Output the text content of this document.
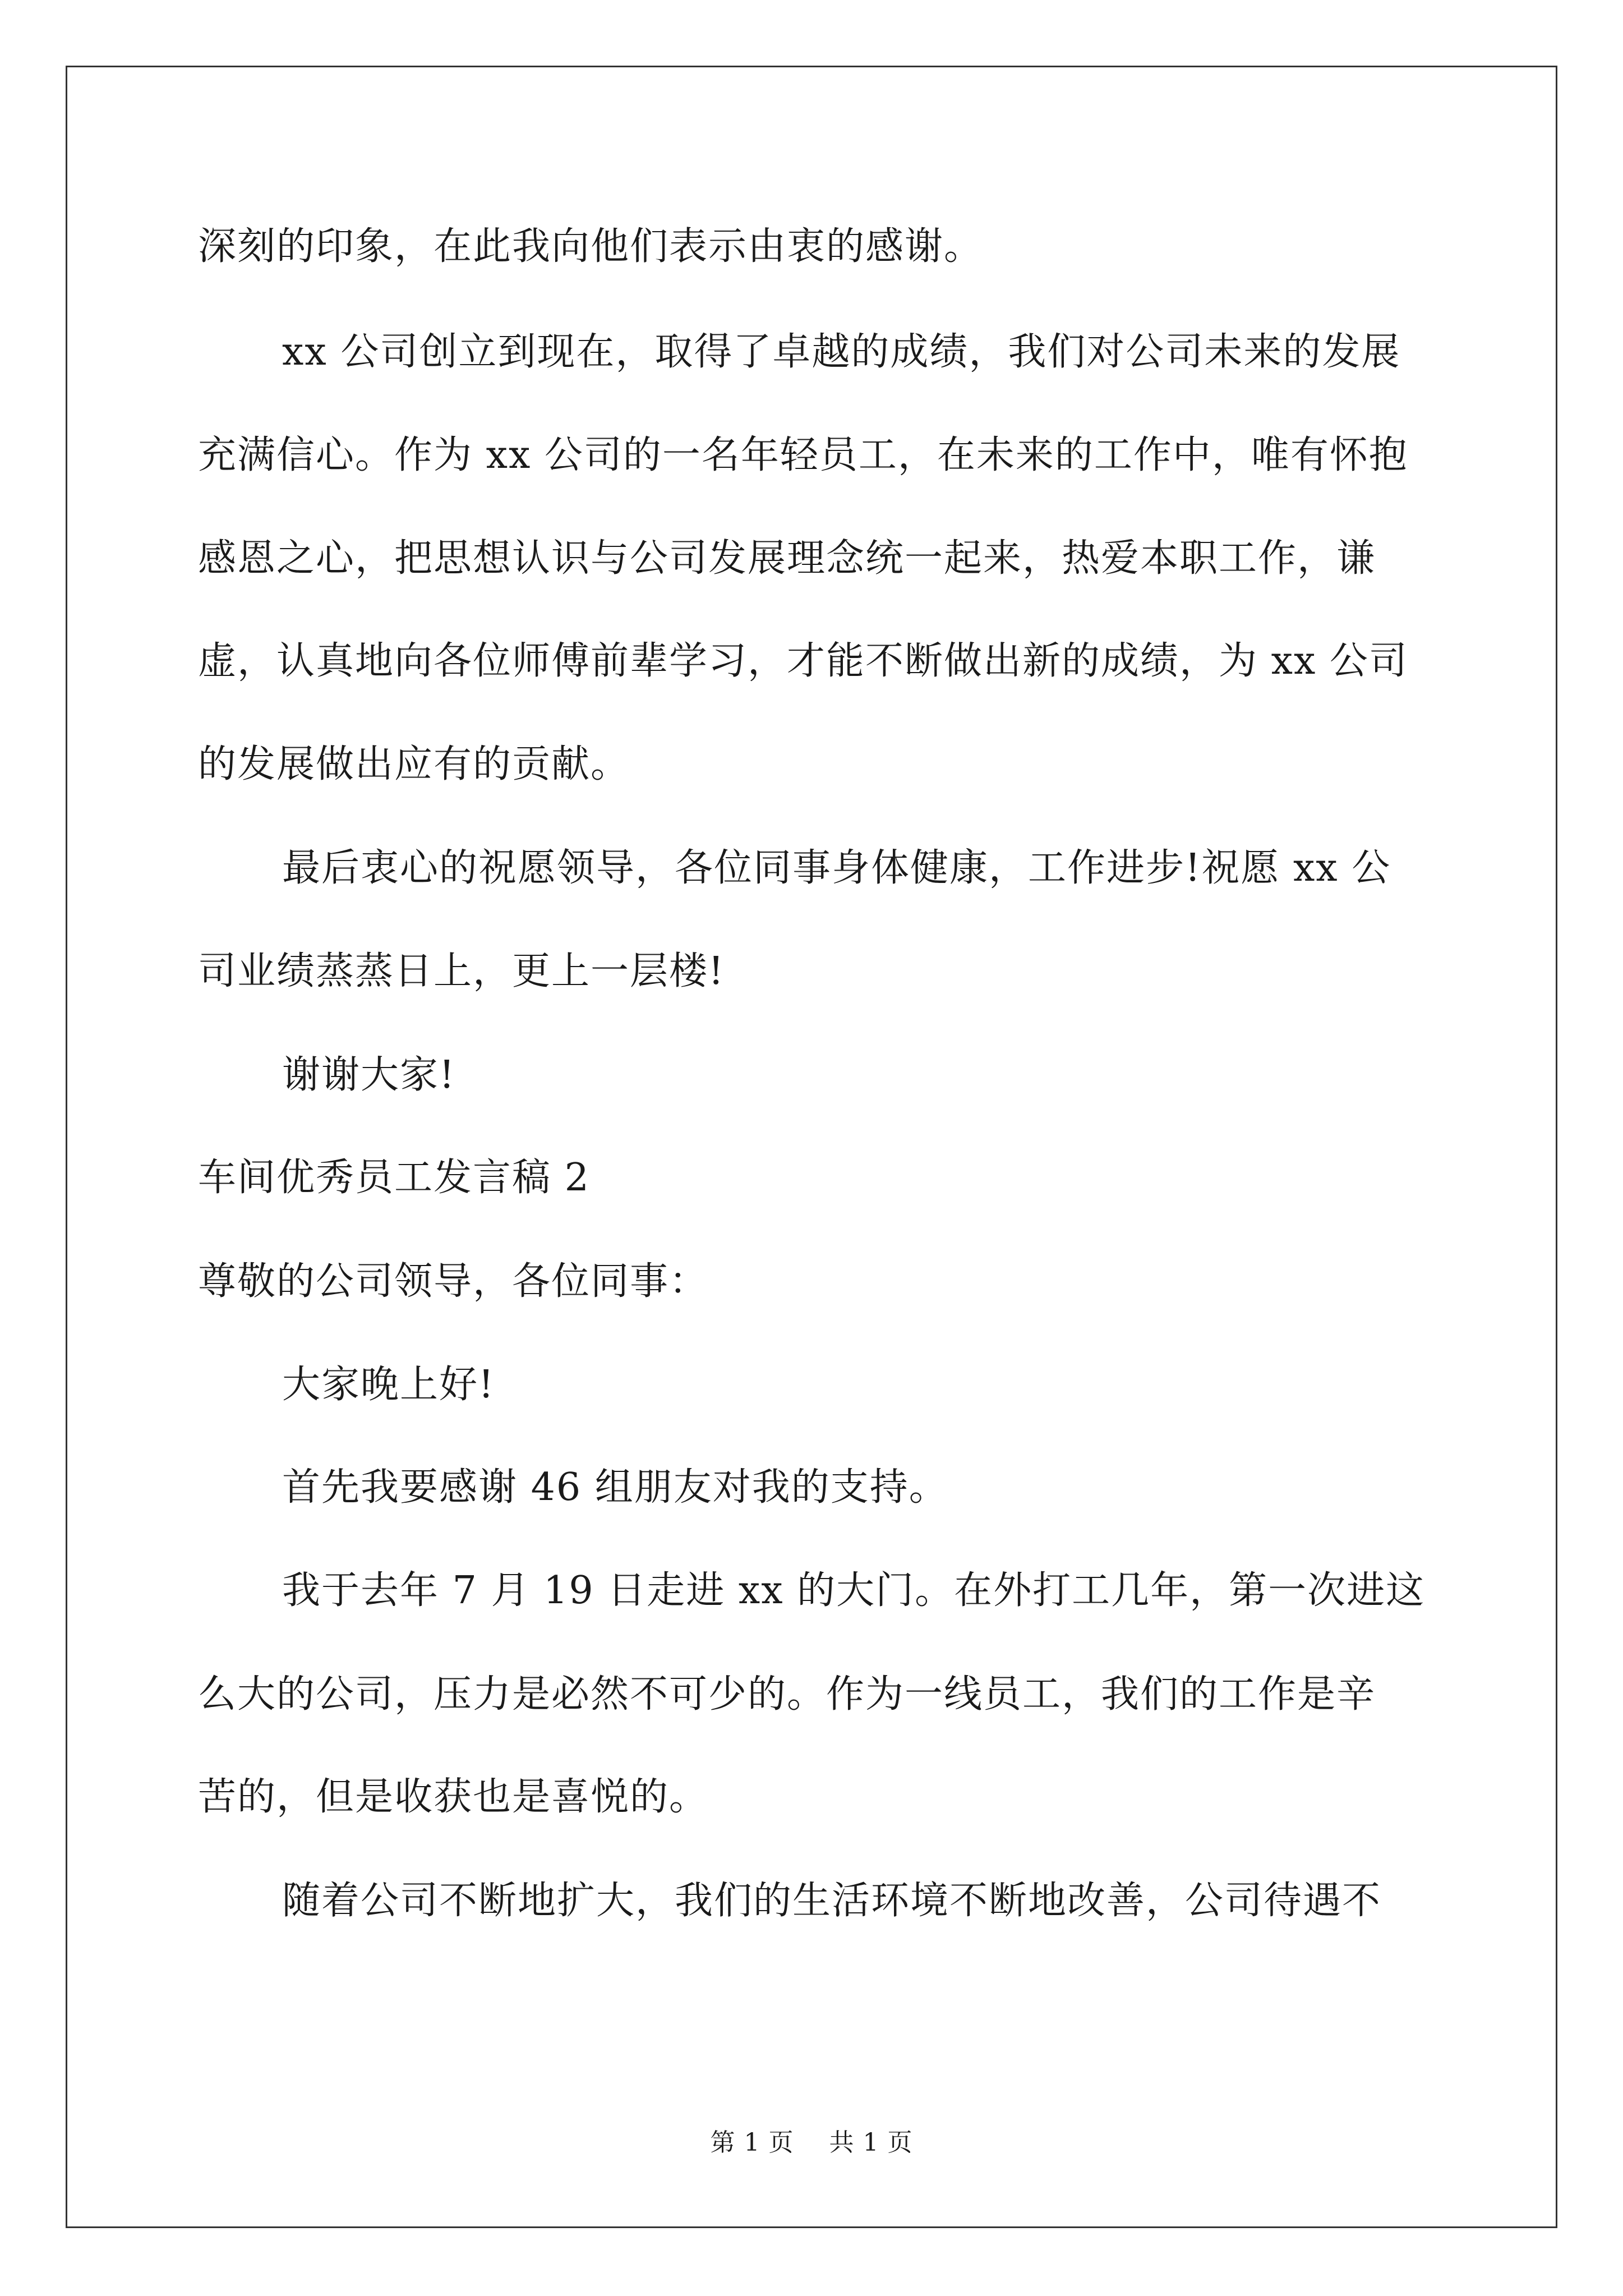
深刻的印象，在此我向他们表示由衷的感谢。
xx 公司创立到现在，取得了卓越的成绩，我们对公司未来的发展
充满信心。作为 xx 公司的一名年轻员工，在未来的工作中，唯有怀抱
感恩之心，把思想认识与公司发展理念统一起来，热爱本职工作，谦
虚，认真地向各位师傅前辈学习，才能不断做出新的成绩，为 xx 公司
的发展做出应有的贡献。
最后衷心的祝愿领导，各位同事身体健康，工作进步!祝愿 xx 公
司业绩蒸蒸日上，更上一层楼!
谢谢大家!
车间优秀员工发言稿 2
尊敬的公司领导，各位同事：
大家晚上好!
首先我要感谢 46 组朋友对我的支持。
我于去年 7 月 19 日走进 xx 的大门。在外打工几年，第一次进这
么大的公司，压力是必然不可少的。作为一线员工，我们的工作是辛
苦的，但是收获也是喜悦的。
随着公司不断地扩大，我们的生活环境不断地改善，公司待遇不
第 1 页 共 1 页
